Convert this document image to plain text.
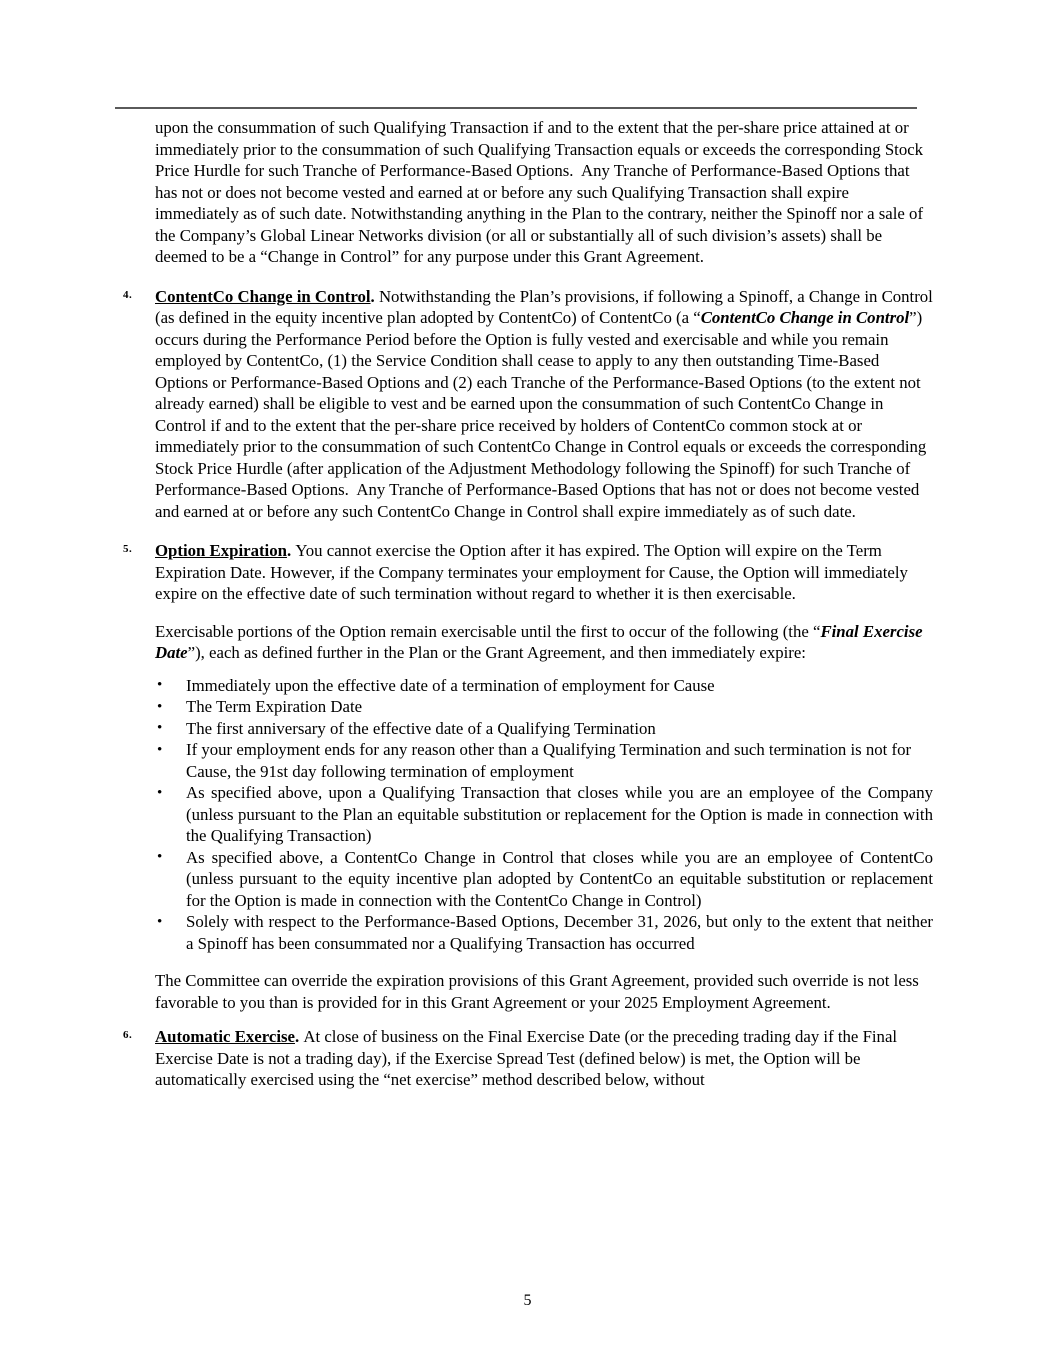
upon the consummation of such Qualifying Transaction if and to the extent that the per-share price attained at or immediately prior to the consummation of such Qualifying Transaction equals or exceeds the corresponding Stock Price Hurdle for such Tranche of Performance-Based Options.  Any Tranche of Performance-Based Options that has not or does not become vested and earned at or before any such Qualifying Transaction shall expire immediately as of such date. Notwithstanding anything in the Plan to the contrary, neither the Spinoff nor a sale of the Company’s Global Linear Networks division (or all or substantially all of such division’s assets) shall be deemed to be a “Change in Control” for any purpose under this Grant Agreement.
4. ContentCo Change in Control. Notwithstanding the Plan’s provisions, if following a Spinoff, a Change in Control (as defined in the equity incentive plan adopted by ContentCo) of ContentCo (a “ContentCo Change in Control”) occurs during the Performance Period before the Option is fully vested and exercisable and while you remain employed by ContentCo, (1) the Service Condition shall cease to apply to any then outstanding Time-Based Options or Performance-Based Options and (2) each Tranche of the Performance-Based Options (to the extent not already earned) shall be eligible to vest and be earned upon the consummation of such ContentCo Change in Control if and to the extent that the per-share price received by holders of ContentCo common stock at or immediately prior to the consummation of such ContentCo Change in Control equals or exceeds the corresponding Stock Price Hurdle (after application of the Adjustment Methodology following the Spinoff) for such Tranche of Performance-Based Options.  Any Tranche of Performance-Based Options that has not or does not become vested and earned at or before any such ContentCo Change in Control shall expire immediately as of such date.
5. Option Expiration. You cannot exercise the Option after it has expired. The Option will expire on the Term Expiration Date. However, if the Company terminates your employment for Cause, the Option will immediately expire on the effective date of such termination without regard to whether it is then exercisable.
Exercisable portions of the Option remain exercisable until the first to occur of the following (the “Final Exercise Date”), each as defined further in the Plan or the Grant Agreement, and then immediately expire:
• Immediately upon the effective date of a termination of employment for Cause
• The Term Expiration Date
• The first anniversary of the effective date of a Qualifying Termination
• If your employment ends for any reason other than a Qualifying Termination and such termination is not for Cause, the 91st day following termination of employment
• As specified above, upon a Qualifying Transaction that closes while you are an employee of the Company (unless pursuant to the Plan an equitable substitution or replacement for the Option is made in connection with the Qualifying Transaction)
• As specified above, a ContentCo Change in Control that closes while you are an employee of ContentCo (unless pursuant to the equity incentive plan adopted by ContentCo an equitable substitution or replacement for the Option is made in connection with the ContentCo Change in Control)
• Solely with respect to the Performance-Based Options, December 31, 2026, but only to the extent that neither a Spinoff has been consummated nor a Qualifying Transaction has occurred
The Committee can override the expiration provisions of this Grant Agreement, provided such override is not less favorable to you than is provided for in this Grant Agreement or your 2025 Employment Agreement.
6. Automatic Exercise. At close of business on the Final Exercise Date (or the preceding trading day if the Final Exercise Date is not a trading day), if the Exercise Spread Test (defined below) is met, the Option will be automatically exercised using the “net exercise” method described below, without
5
